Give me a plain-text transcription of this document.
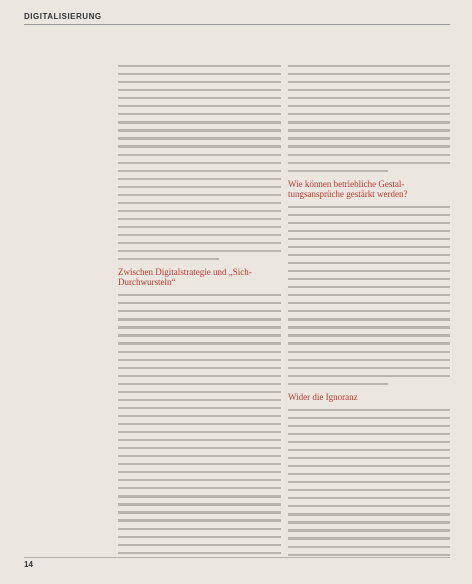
DIGITALISIERUNG

Zwischen Digitalstrategie und „Sich-Durchwursteln“

Wie können betriebliche Gestal-tungsansprüche gestärkt werden?

Wider die Ignoranz

14
